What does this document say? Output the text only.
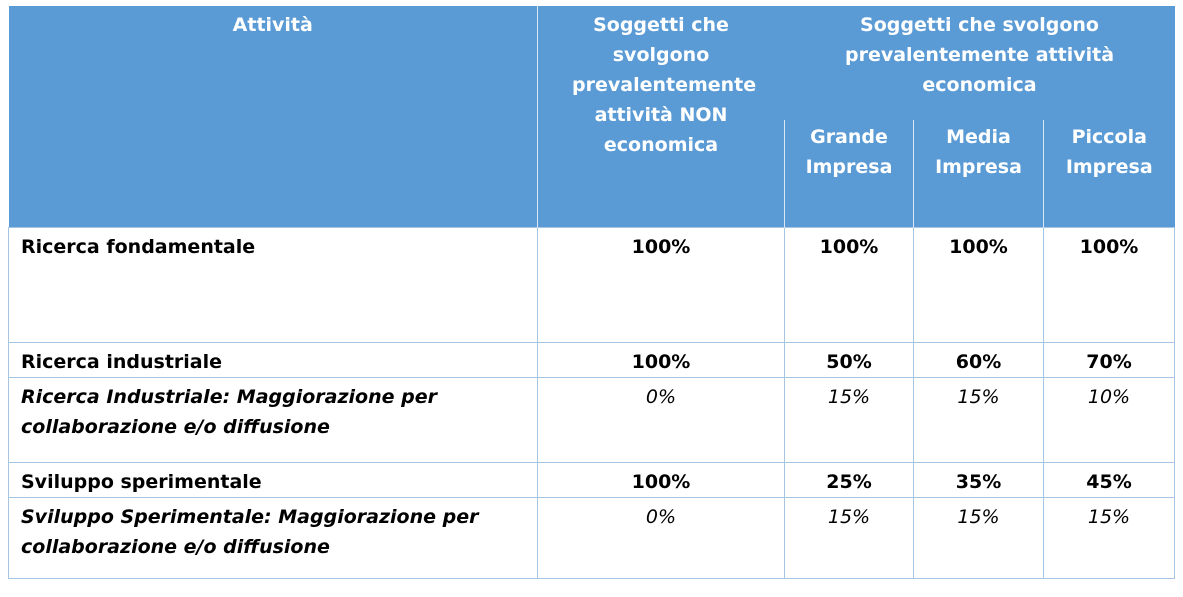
Attività	Soggetti che svolgono prevalentemente attività NON economica	Soggetti che svolgono prevalentemente attività economica		
		Grande Impresa	Media Impresa	Piccola Impresa
Ricerca fondamentale	100%	100%	100%	100%
Ricerca industriale	100%	50%	60%	70%
Ricerca Industriale: Maggiorazione per collaborazione e/o diffusione	0%	15%	15%	10%
Sviluppo sperimentale	100%	25%	35%	45%
Sviluppo Sperimentale: Maggiorazione per collaborazione e/o diffusione	0%	15%	15%	15%
